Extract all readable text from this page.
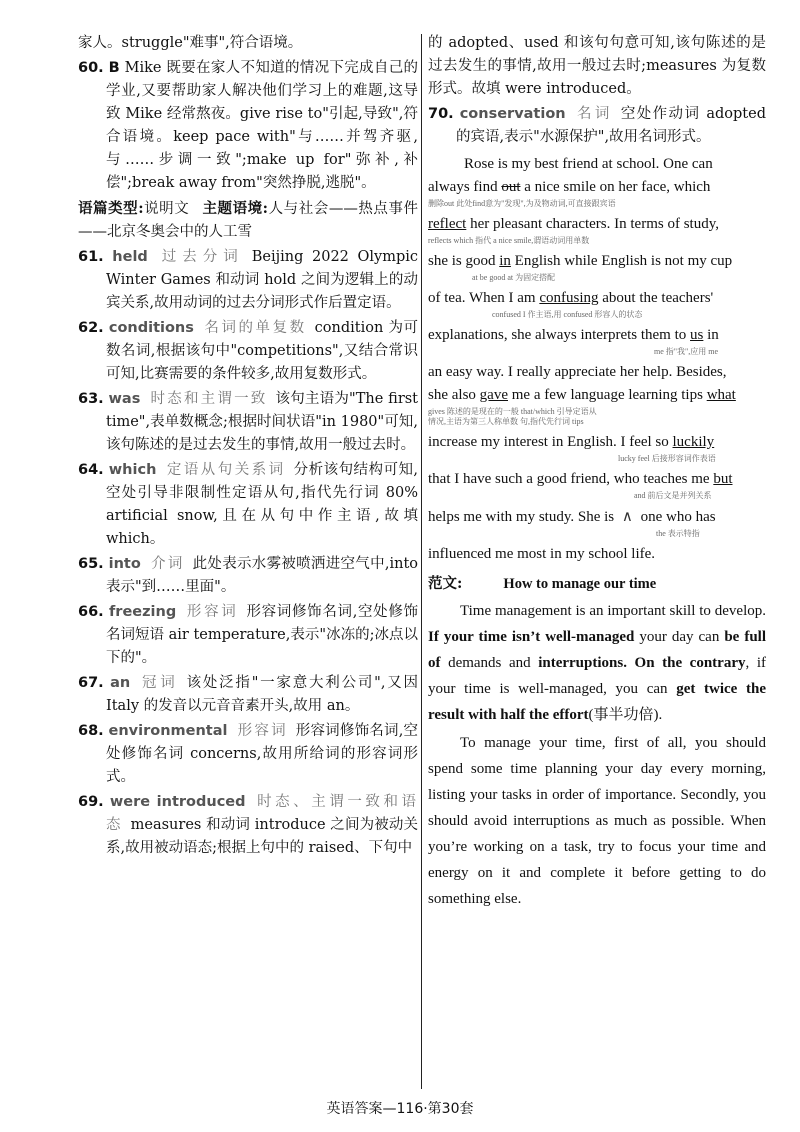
家人。struggle"难事",符合语境。

60. B Mike 既要在家人不知道的情况下完成自己的学业,又要帮助家人解决他们学习上的难题,这导致 Mike 经常熬夜。give rise to"引起,导致",符合语境。keep pace with"与……并驾齐驱,与……步调一致";make up for"弥补,补偿";break away from"突然挣脱,逃脱"。

语篇类型:说明文 主题语境:人与社会——热点事件——北京冬奥会中的人工雪

61. held 过去分词 Beijing 2022 Olympic Winter Games 和动词 hold 之间为逻辑上的动宾关系,故用动词的过去分词形式作后置定语。

62. conditions 名词的单复数 condition 为可数名词,根据该句中"competitions",又结合常识可知,比赛需要的条件较多,故用复数形式。

63. was 时态和主谓一致 该句主语为"The first time",表单数概念;根据时间状语"in 1980"可知,该句陈述的是过去发生的事情,故用一般过去时。

64. which 定语从句关系词 分析该句结构可知,空处引导非限制性定语从句,指代先行词 80% artificial snow,且在从句中作主语,故填 which。

65. into 介词 此处表示水雾被喷洒进空气中,into 表示"到……里面"。

66. freezing 形容词 形容词修饰名词,空处修饰名词短语 air temperature,表示"冰冻的;冰点以下的"。

67. an 冠词 该处泛指"一家意大利公司",又因 Italy 的发音以元音音素开头,故用 an。

68. environmental 形容词 形容词修饰名词,空处修饰名词 concerns,故用所给词的形容词形式。

69. were introduced 时态、主谓一致和语态 measures 和动词 introduce 之间为被动关系,故用被动语态;根据上句中的 raised、下句中

的 adopted、used 和该句句意可知,该句陈述的是过去发生的事情,故用一般过去时;measures 为复数形式。故填 were introduced。

70. conservation 名词 空处作动词 adopted 的宾语,表示"水源保护",故用名词形式。

Rose is my best friend at school. One can
always find out a nice smile on her face, which
删除out 此处find意为"发现",为及物动词,可直接跟宾语
reflect her pleasant characters. In terms of study,
reflects which 指代 a nice smile,谓语动词用单数
she is good in English while English is not my cup
at be good at 为固定搭配
of tea. When I am confusing about the teachers'
confused I 作主语,用 confused 形容人的状态
explanations, she always interprets them to us in
me 指"我",应用 me
an easy way. I really appreciate her help. Besides,
she also gave me a few language learning tips what
gives 陈述的是现在的一般 that/which 引导定语从
情况,主语为第三人称单数 句,指代先行词 tips
increase my interest in English. I feel so luckily
lucky feel 后接形容词作表语
that I have such a good friend, who teaches me but
and 前后文是并列关系
helps me with my study. She is ∧ one who has
the 表示特指
influenced me most in my school life.

范文:	How to manage our time

Time management is an important skill to develop. If your time isn’t well-managed your day can be full of demands and interruptions. On the contrary, if your time is well-managed, you can get twice the result with half the effort(事半功倍).

To manage your time, first of all, you should spend some time planning your day every morning, listing your tasks in order of importance. Secondly, you should avoid interruptions as much as possible. When you’re working on a task, try to focus your time and energy on it and complete it before getting to do something else.

英语答案—116·第30套
